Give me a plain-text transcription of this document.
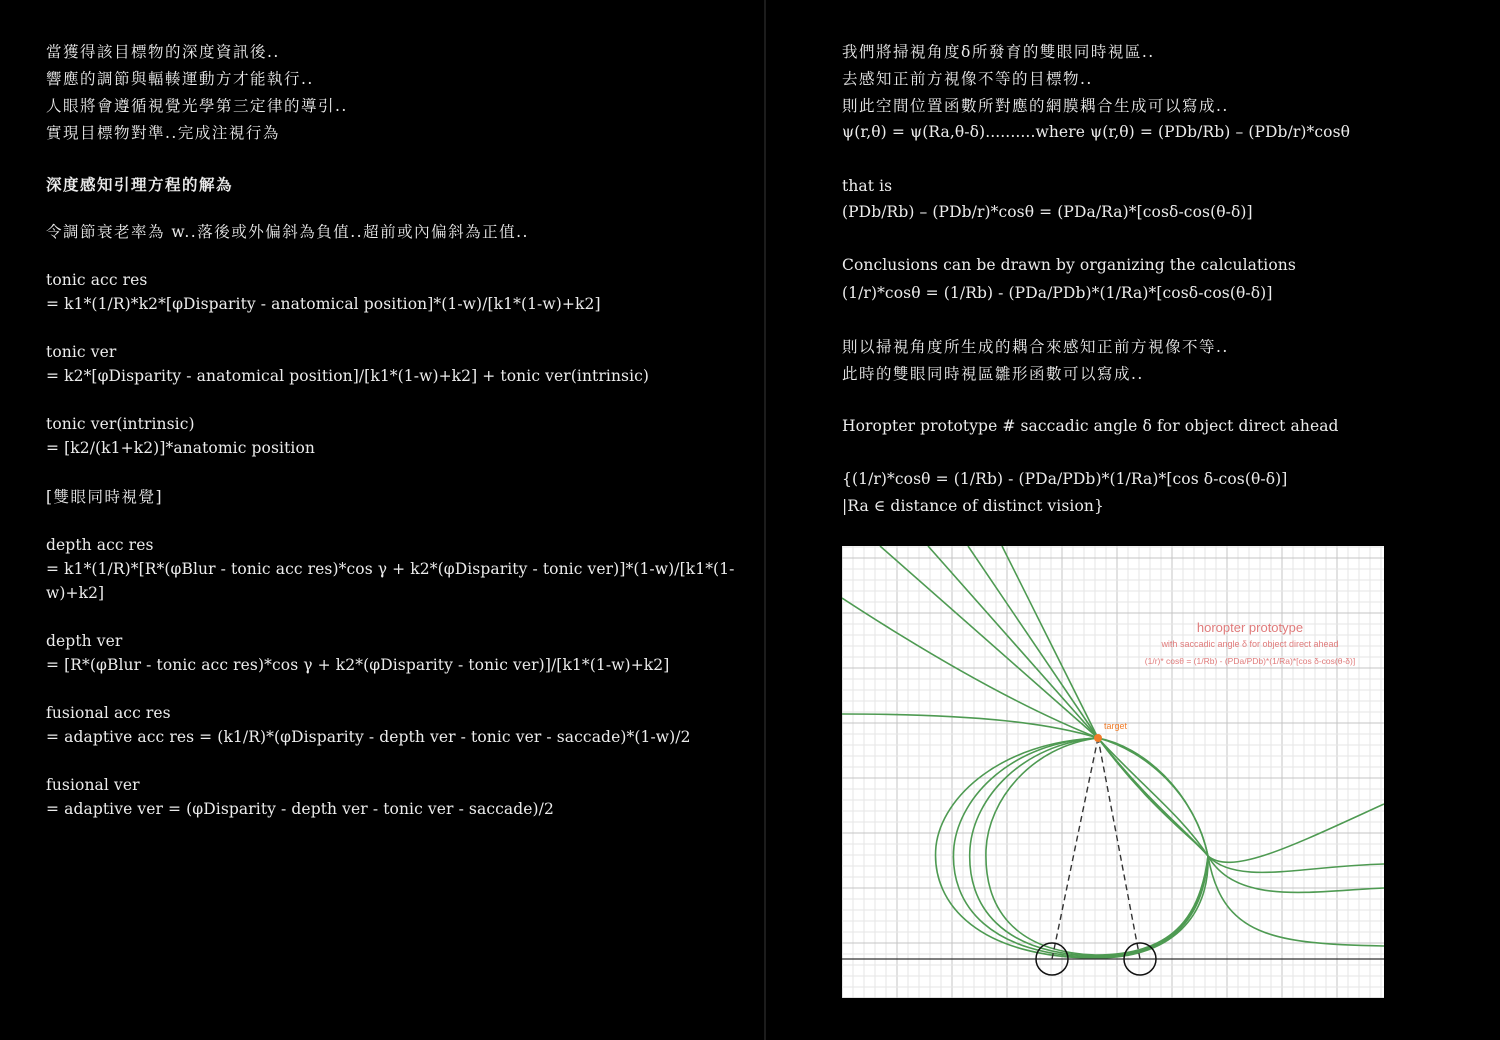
當獲得該目標物的深度資訊後..
響應的調節與輻輳運動方才能執行..
人眼將會遵循視覺光學第三定律的導引..
實現目標物對準..完成注視行為
深度感知引理方程的解為
令調節衰老率為 w..落後或外偏斜為負值..超前或內偏斜為正值..
tonic acc res
= k1*(1/R)*k2*[φDisparity - anatomical position]*(1-w)/[k1*(1-w)+k2]
tonic ver
= k2*[φDisparity - anatomical position]/[k1*(1-w)+k2] + tonic ver(intrinsic)
tonic ver(intrinsic)
= [k2/(k1+k2)]*anatomic position
[雙眼同時視覺]
depth acc res
= k1*(1/R)*[R*(φBlur - tonic acc res)*cos γ + k2*(φDisparity - tonic ver)]*(1-w)/[k1*(1-
w)+k2]
depth ver
= [R*(φBlur - tonic acc res)*cos γ + k2*(φDisparity - tonic ver)]/[k1*(1-w)+k2]
fusional acc res
= adaptive acc res = (k1/R)*(φDisparity - depth ver - tonic ver - saccade)*(1-w)/2
fusional ver
= adaptive ver = (φDisparity - depth ver - tonic ver - saccade)/2
我們將掃視角度δ所發育的雙眼同時視區..
去感知正前方視像不等的目標物..
則此空間位置函數所對應的網膜耦合生成可以寫成..
ψ(r,θ) = ψ(Ra,θ-δ)..........where ψ(r,θ) = (PDb/Rb) – (PDb/r)*cosθ
that is
(PDb/Rb) – (PDb/r)*cosθ = (PDa/Ra)*[cosδ-cos(θ-δ)]
Conclusions can be drawn by organizing the calculations
(1/r)*cosθ = (1/Rb) - (PDa/PDb)*(1/Ra)*[cosδ-cos(θ-δ)]
則以掃視角度所生成的耦合來感知正前方視像不等..
此時的雙眼同時視區雛形函數可以寫成..
Horopter prototype # saccadic angle δ for object direct ahead
{(1/r)*cosθ = (1/Rb) - (PDa/PDb)*(1/Ra)*[cos δ-cos(θ-δ)]
|Ra ∈ distance of distinct vision}
target
horopter prototype
with saccadic angle δ for object direct ahead
(1/r)* cosθ = (1/Rb) - (PDa/PDb)*(1/Ra)*[cos δ-cos(θ-δ)]
